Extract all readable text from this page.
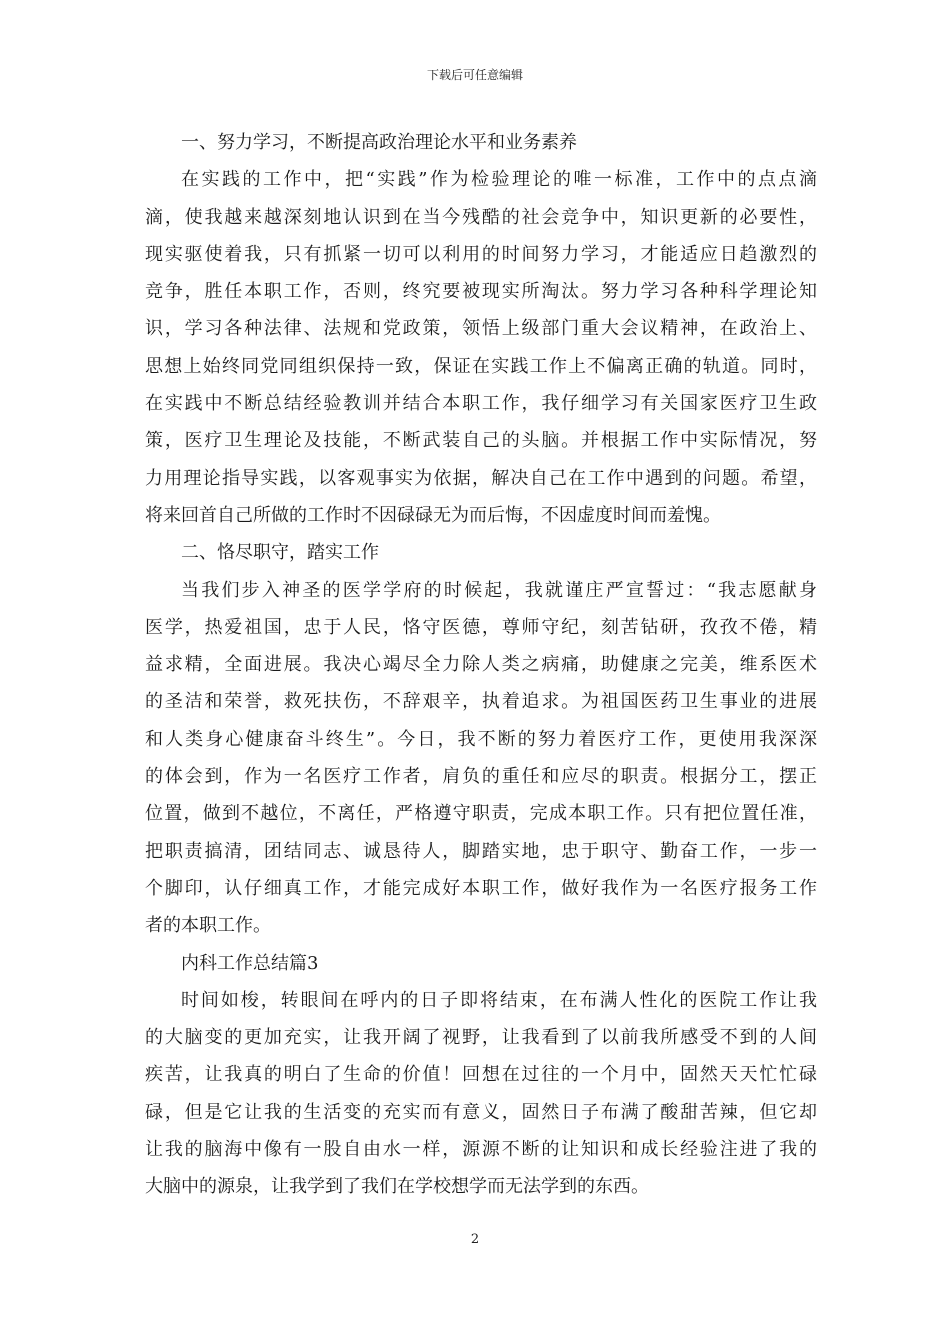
下载后可任意编辑
一、努力学习，不断提高政治理论水平和业务素养
在实践的工作中，把“实践”作为检验理论的唯一标准，工作中的点点滴
滴，使我越来越深刻地认识到在当今残酷的社会竞争中，知识更新的必要性，
现实驱使着我，只有抓紧一切可以利用的时间努力学习，才能适应日趋激烈的
竞争，胜任本职工作，否则，终究要被现实所淘汰。努力学习各种科学理论知
识，学习各种法律、法规和党政策，领悟上级部门重大会议精神，在政治上、
思想上始终同党同组织保持一致，保证在实践工作上不偏离正确的轨道。同时，
在实践中不断总结经验教训并结合本职工作，我仔细学习有关国家医疗卫生政
策，医疗卫生理论及技能，不断武装自己的头脑。并根据工作中实际情况，努
力用理论指导实践，以客观事实为依据，解决自己在工作中遇到的问题。希望，
将来回首自己所做的工作时不因碌碌无为而后悔，不因虚度时间而羞愧。
二、恪尽职守，踏实工作
当我们步入神圣的医学学府的时候起，我就谨庄严宣誓过：“我志愿献身
医学，热爱祖国，忠于人民，恪守医德，尊师守纪，刻苦钻研，孜孜不倦，精
益求精，全面进展。我决心竭尽全力除人类之病痛，助健康之完美，维系医术
的圣洁和荣誉，救死扶伤，不辞艰辛，执着追求。为祖国医药卫生事业的进展
和人类身心健康奋斗终生”。今日，我不断的努力着医疗工作，更使用我深深
的体会到，作为一名医疗工作者，肩负的重任和应尽的职责。根据分工，摆正
位置，做到不越位，不离任，严格遵守职责，完成本职工作。只有把位置任准，
把职责搞清，团结同志、诚恳待人，脚踏实地，忠于职守、勤奋工作，一步一
个脚印，认仔细真工作，才能完成好本职工作，做好我作为一名医疗报务工作
者的本职工作。
内科工作总结篇3
时间如梭，转眼间在呼内的日子即将结束，在布满人性化的医院工作让我
的大脑变的更加充实，让我开阔了视野，让我看到了以前我所感受不到的人间
疾苦，让我真的明白了生命的价值！回想在过往的一个月中，固然天天忙忙碌
碌，但是它让我的生活变的充实而有意义，固然日子布满了酸甜苦辣，但它却
让我的脑海中像有一股自由水一样，源源不断的让知识和成长经验注进了我的
大脑中的源泉，让我学到了我们在学校想学而无法学到的东西。
2
